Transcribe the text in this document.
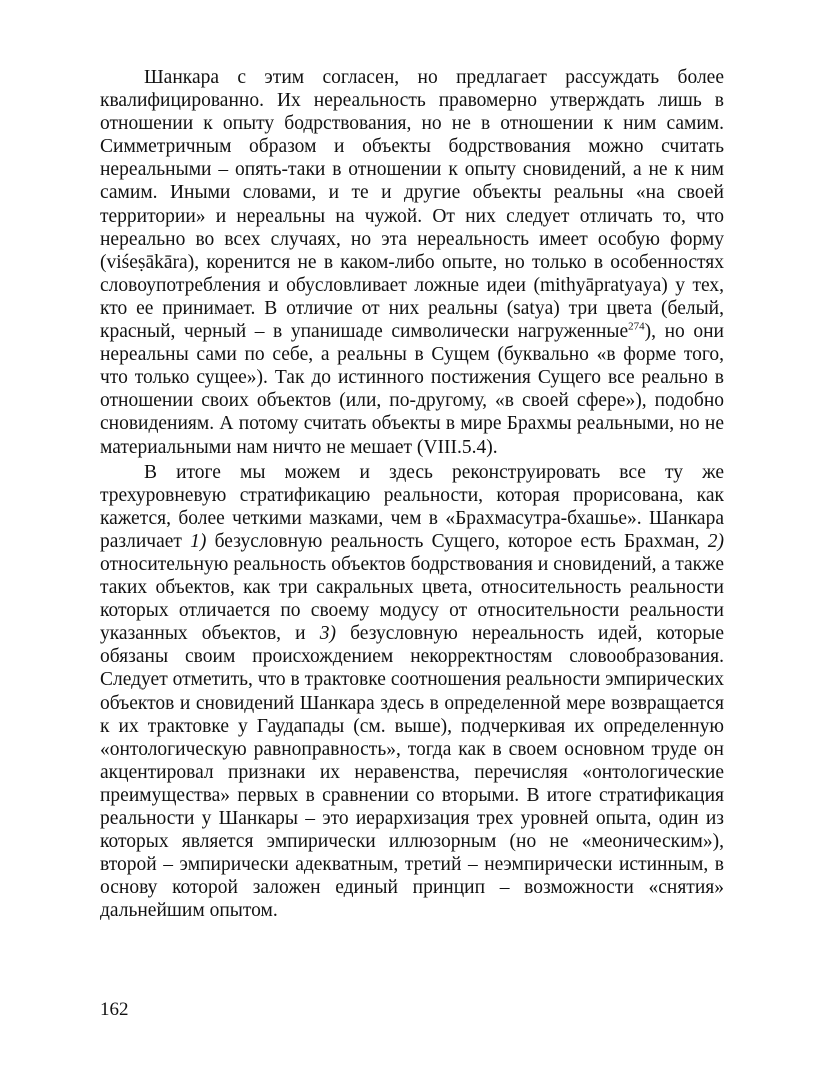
Шанкара с этим согласен, но предлагает рассуждать более квалифицированно. Их нереальность правомерно утверждать лишь в отношении к опыту бодрствования, но не в отношении к ним самим. Симметричным образом и объекты бодрствования можно считать нереальными – опять-таки в отношении к опыту сновидений, а не к ним самим. Иными словами, и те и другие объекты реальны «на своей территории» и нереальны на чужой. От них следует отличать то, что нереально во всех случаях, но эта нереальность имеет особую форму (viśeṣākāra), коренится не в каком-либо опыте, но только в особенностях словоупотребления и обусловливает ложные идеи (mithyāpratyaya) у тех, кто ее принимает. В отличие от них реальны (satya) три цвета (белый, красный, черный – в упанишаде символически нагруженные$^{274}$), но они нереальны сами по себе, а реальны в Сущем (буквально «в форме того, что только сущее»). Так до истинного постижения Сущего все реально в отношении своих объектов (или, по-другому, «в своей сфере»), подобно сновидениям. А потому считать объекты в мире Брахмы реальными, но не материальными нам ничто не мешает (VIII.5.4).

В итоге мы можем и здесь реконструировать все ту же трехуровневую стратификацию реальности, которая прорисована, как кажется, более четкими мазками, чем в «Брахмасутра-бхашье». Шанкара различает 1) безусловную реальность Сущего, которое есть Брахман, 2) относительную реальность объектов бодрствования и сновидений, а также таких объектов, как три сакральных цвета, относительность реальности которых отличается по своему модусу от относительности реальности указанных объектов, и 3) безусловную нереальность идей, которые обязаны своим происхождением некорректностям словообразования. Следует отметить, что в трактовке соотношения реальности эмпирических объектов и сновидений Шанкара здесь в определенной мере возвращается к их трактовке у Гаудапады (см. выше), подчеркивая их определенную «онтологическую равноправность», тогда как в своем основном труде он акцентировал признаки их неравенства, перечисляя «онтологические преимущества» первых в сравнении со вторыми. В итоге стратификация реальности у Шанкары – это иерархизация трех уровней опыта, один из которых является эмпирически иллюзорным (но не «меоническим»), второй – эмпирически адекватным, третий – неэмпирически истинным, в основу которой заложен единый принцип – возможности «снятия» дальнейшим опытом.

162
